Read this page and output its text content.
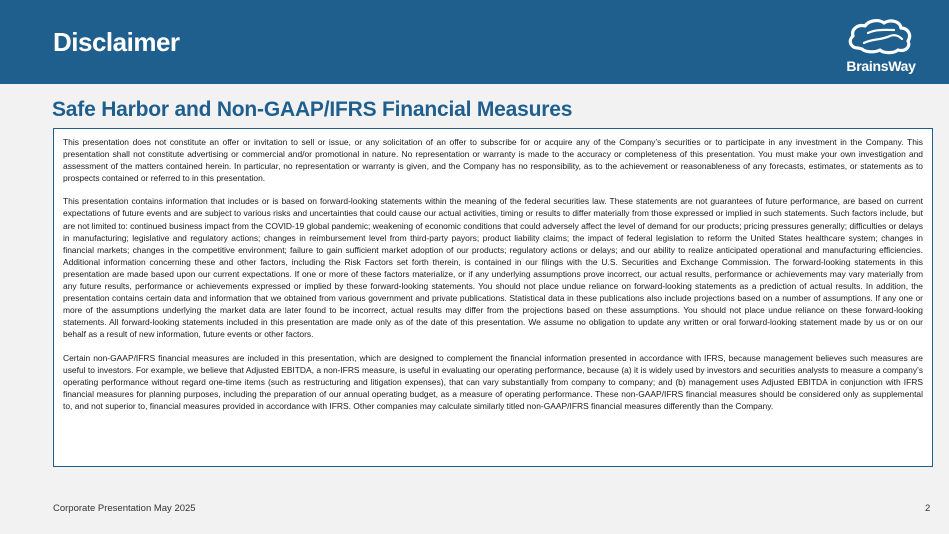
Disclaimer
BrainsWay
Safe Harbor and Non-GAAP/IFRS Financial Measures

This presentation does not constitute an offer or invitation to sell or issue, or any solicitation of an offer to subscribe for or acquire any of the Company’s securities or to participate in any investment in the Company. This presentation shall not constitute advertising or commercial and/or promotional in nature. No representation or warranty is made to the accuracy or completeness of this presentation. You must make your own investigation and assessment of the matters contained herein. In particular, no representation or warranty is given, and the Company has no responsibility, as to the achievement or reasonableness of any forecasts, estimates, or statements as to prospects contained or referred to in this presentation.

This presentation contains information that includes or is based on forward-looking statements within the meaning of the federal securities law. These statements are not guarantees of future performance, are based on current expectations of future events and are subject to various risks and uncertainties that could cause our actual activities, timing or results to differ materially from those expressed or implied in such statements. Such factors include, but are not limited to: continued business impact from the COVID-19 global pandemic; weakening of economic conditions that could adversely affect the level of demand for our products; pricing pressures generally; difficulties or delays in manufacturing; legislative and regulatory actions; changes in reimbursement level from third-party payors; product liability claims; the impact of federal legislation to reform the United States healthcare system; changes in financial markets; changes in the competitive environment; failure to gain sufficient market adoption of our products; regulatory actions or delays; and our ability to realize anticipated operational and manufacturing efficiencies. Additional information concerning these and other factors, including the Risk Factors set forth therein, is contained in our filings with the U.S. Securities and Exchange Commission. The forward-looking statements in this presentation are made based upon our current expectations. If one or more of these factors materialize, or if any underlying assumptions prove incorrect, our actual results, performance or achievements may vary materially from any future results, performance or achievements expressed or implied by these forward-looking statements. You should not place undue reliance on forward-looking statements as a prediction of actual results. In addition, the presentation contains certain data and information that we obtained from various government and private publications. Statistical data in these publications also include projections based on a number of assumptions. If any one or more of the assumptions underlying the market data are later found to be incorrect, actual results may differ from the projections based on these assumptions. You should not place undue reliance on these forward-looking statements. All forward-looking statements included in this presentation are made only as of the date of this presentation. We assume no obligation to update any written or oral forward-looking statement made by us or on our behalf as a result of new information, future events or other factors.

Certain non-GAAP/IFRS financial measures are included in this presentation, which are designed to complement the financial information presented in accordance with IFRS, because management believes such measures are useful to investors. For example, we believe that Adjusted EBITDA, a non-IFRS measure, is useful in evaluating our operating performance, because (a) it is widely used by investors and securities analysts to measure a company’s operating performance without regard one-time items (such as restructuring and litigation expenses), that can vary substantially from company to company; and (b) management uses Adjusted EBITDA in conjunction with IFRS financial measures for planning purposes, including the preparation of our annual operating budget, as a measure of operating performance. These non-GAAP/IFRS financial measures should be considered only as supplemental to, and not superior to, financial measures provided in accordance with IFRS. Other companies may calculate similarly titled non-GAAP/IFRS financial measures differently than the Company.

Corporate Presentation May 2025	2
